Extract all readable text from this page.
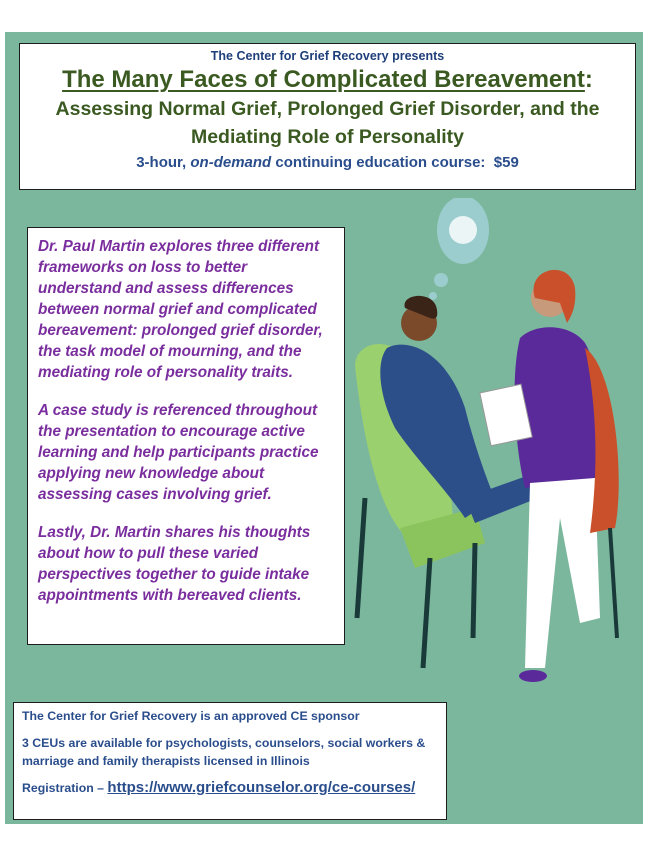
The Center for Grief Recovery presents
The Many Faces of Complicated Bereavement:
Assessing Normal Grief, Prolonged Grief Disorder, and the Mediating Role of Personality
3-hour, on-demand continuing education course: $59

Dr. Paul Martin explores three different frameworks on loss to better understand and assess differences between normal grief and complicated bereavement: prolonged grief disorder, the task model of mourning, and the mediating role of personality traits.

A case study is referenced throughout the presentation to encourage active learning and help participants practice applying new knowledge about assessing cases involving grief.

Lastly, Dr. Martin shares his thoughts about how to pull these varied perspectives together to guide intake appointments with bereaved clients.

The Center for Grief Recovery is an approved CE sponsor
3 CEUs are available for psychologists, counselors, social workers & marriage and family therapists licensed in Illinois
Registration – https://www.griefcounselor.org/ce-courses/
